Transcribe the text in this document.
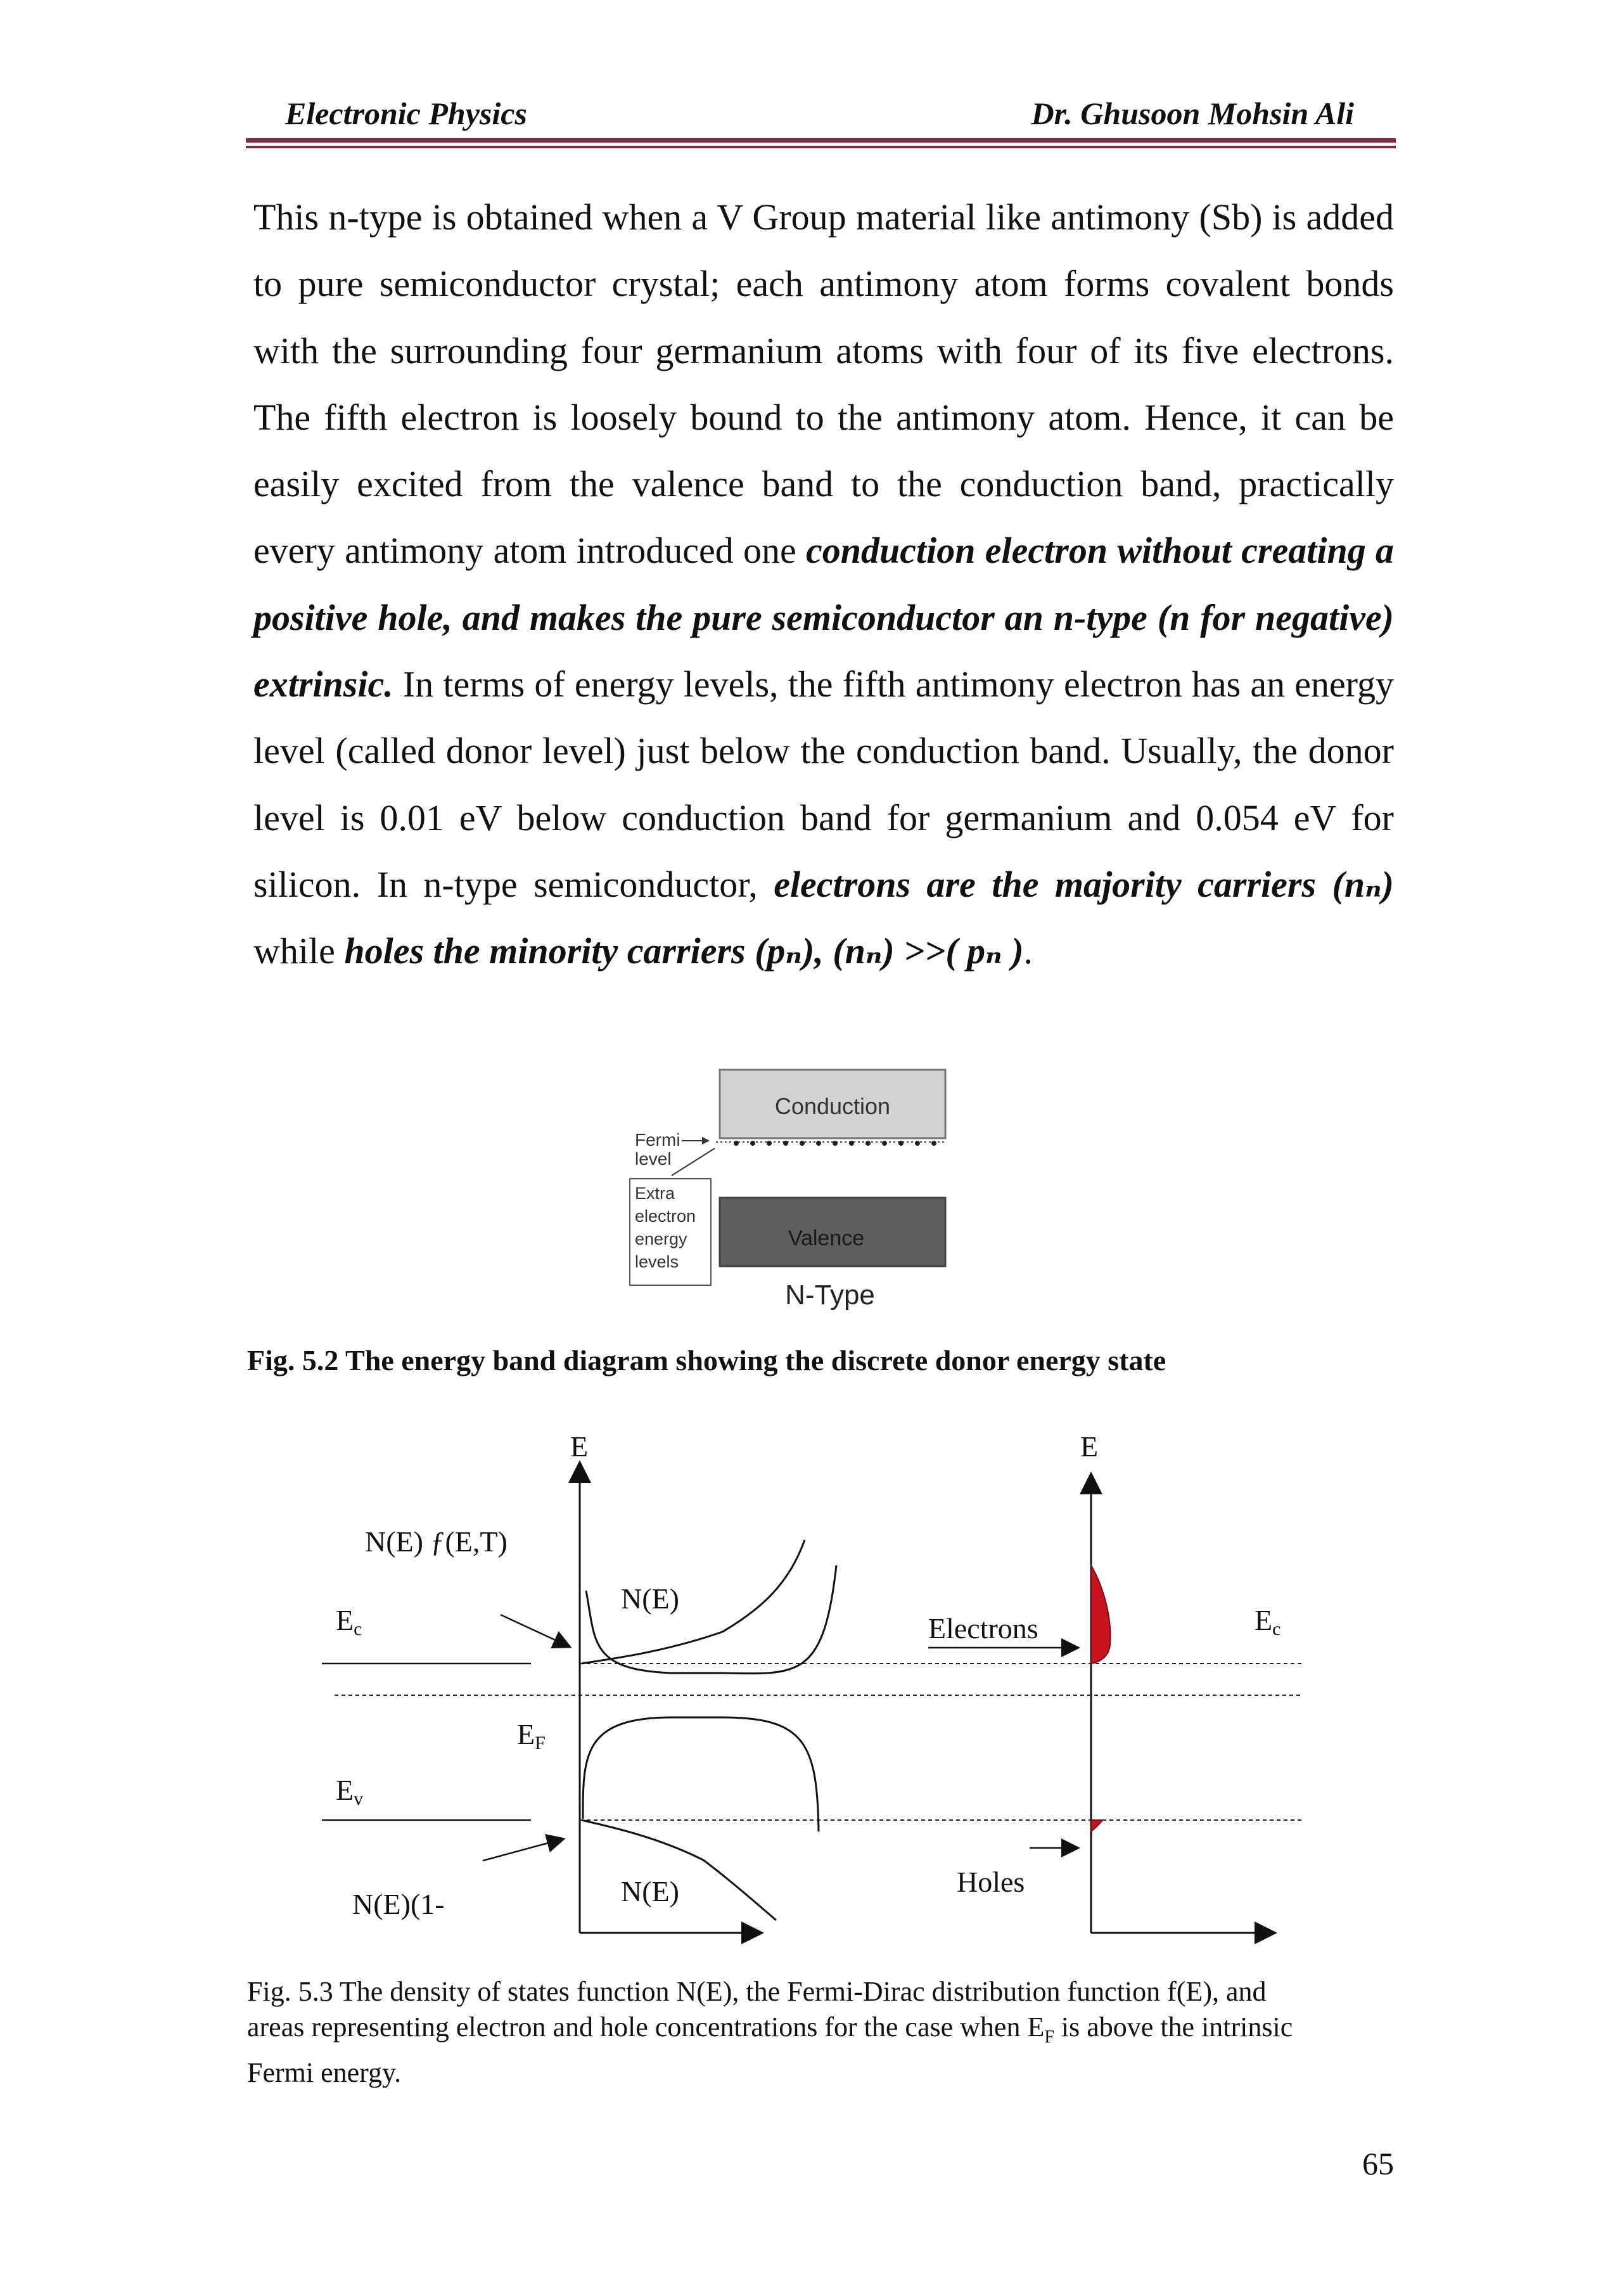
Electronic Physics	Dr. Ghusoon Mohsin Ali
This n-type is obtained when a V Group material like antimony (Sb) is added to pure semiconductor crystal; each antimony atom forms covalent bonds with the surrounding four germanium atoms with four of its five electrons. The fifth electron is loosely bound to the antimony atom. Hence, it can be easily excited from the valence band to the conduction band, practically every antimony atom introduced one conduction electron without creating a positive hole, and makes the pure semiconductor an n-type (n for negative) extrinsic. In terms of energy levels, the fifth antimony electron has an energy level (called donor level) just below the conduction band. Usually, the donor level is 0.01 eV below conduction band for germanium and 0.054 eV for silicon. In n-type semiconductor, electrons are the majority carriers (nₙ) while holes the minority carriers (pₙ), (nₙ) >>( pₙ ).
Conduction
Fermi
level
Extra
electron
energy
levels
Valence
N-Type
Fig. 5.2 The energy band diagram showing the discrete donor energy state
E	E
N(E) ƒ(E,T)
Ec
N(E)
Electrons	Ec
EF
Ev
N(E)	Holes
N(E)(1-
Fig. 5.3 The density of states function N(E), the Fermi-Dirac distribution function f(E), and
areas representing electron and hole concentrations for the case when $E_F$ is above the intrinsic
Fermi energy.
65
